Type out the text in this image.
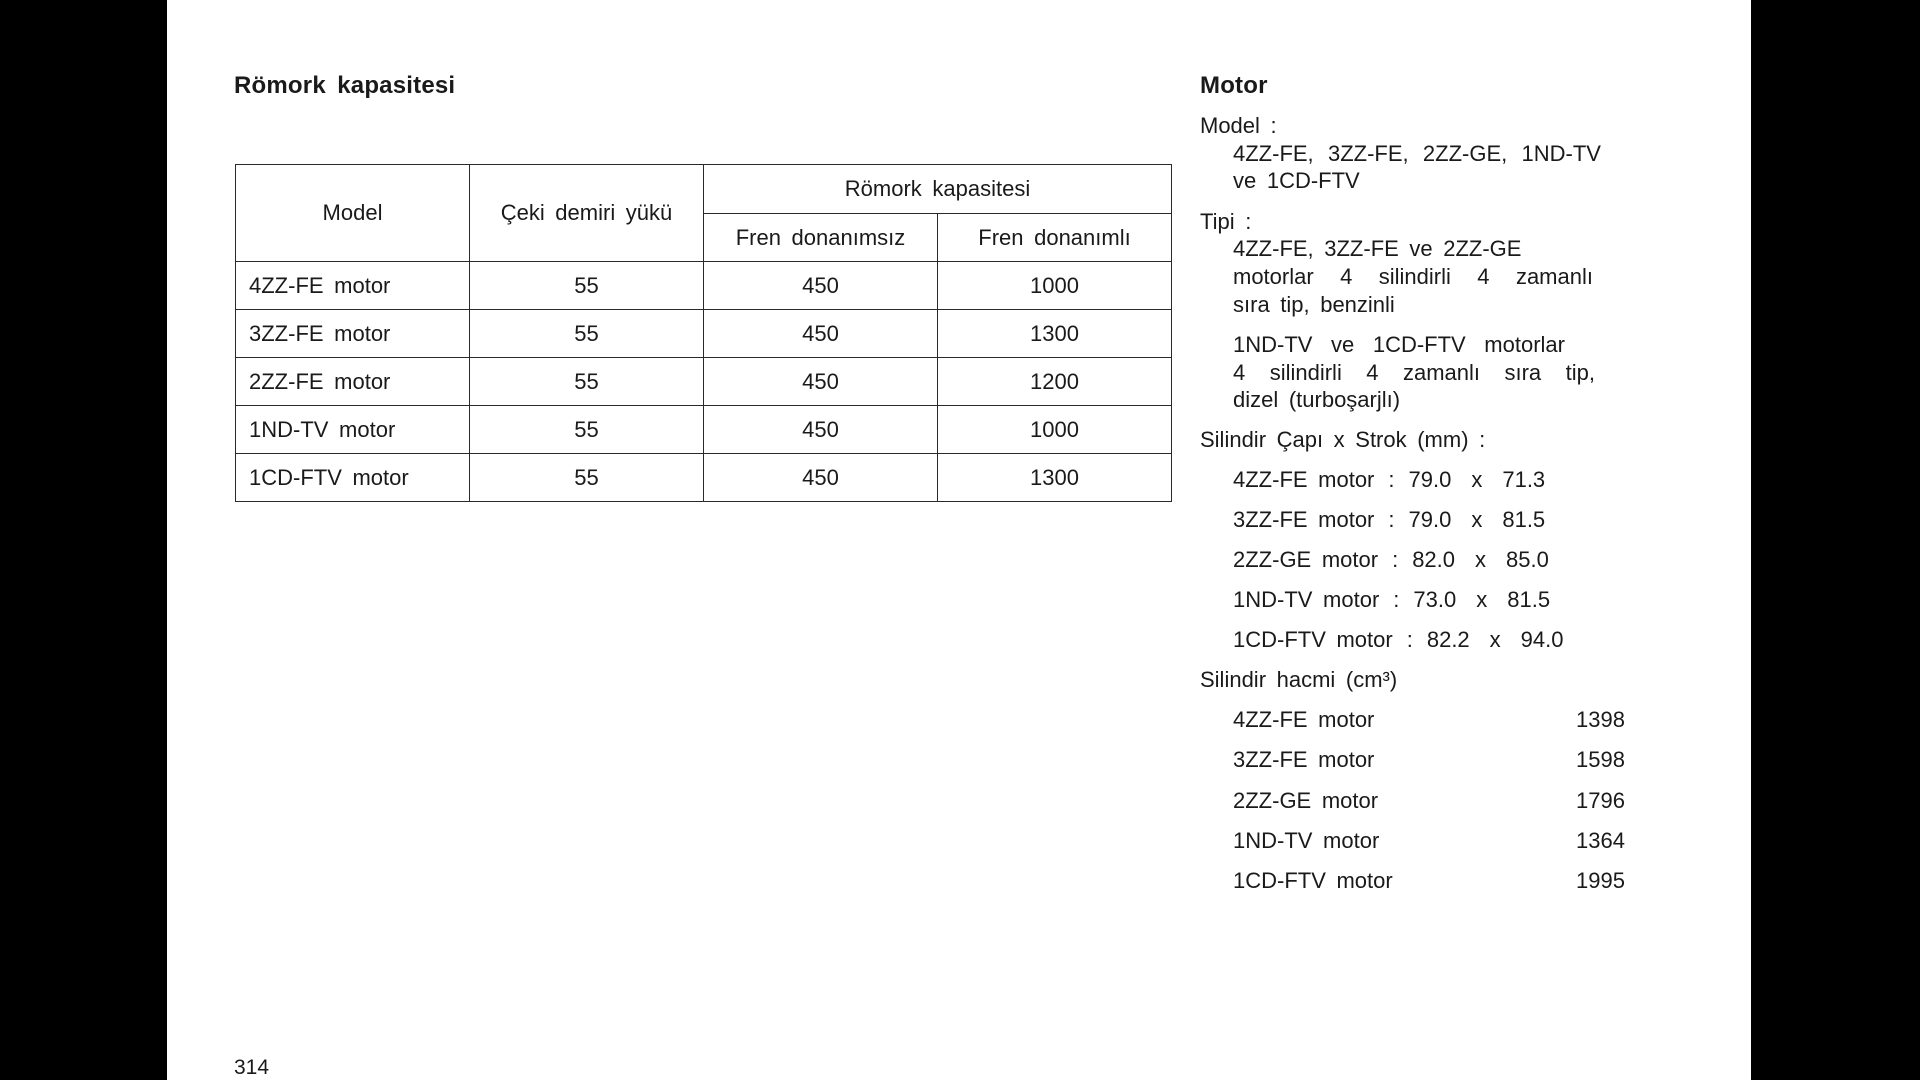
Römork kapasitesi
Model	Çeki demiri yükü	Römork kapasitesi	
		Fren donanımsız	Fren donanımlı
4ZZ-FE motor	55	450	1000
3ZZ-FE motor	55	450	1300
2ZZ-FE motor	55	450	1200
1ND-TV motor	55	450	1000
1CD-FTV motor	55	450	1300
Motor
Model :
4ZZ-FE, 3ZZ-FE, 2ZZ-GE, 1ND-TV
ve 1CD-FTV
Tipi :
4ZZ-FE, 3ZZ-FE ve 2ZZ-GE
motorlar 4 silindirli 4 zamanlı
sıra tip, benzinli
1ND-TV ve 1CD-FTV motorlar
4 silindirli 4 zamanlı sıra tip,
dizel (turboşarjlı)
Silindir Çapı x Strok (mm) :
4ZZ-FE motor : 79.0 x 71.3
3ZZ-FE motor : 79.0 x 81.5
2ZZ-GE motor : 82.0 x 85.0
1ND-TV motor : 73.0 x 81.5
1CD-FTV motor : 82.2 x 94.0
Silindir hacmi (cm³)
4ZZ-FE motor	1398
3ZZ-FE motor	1598
2ZZ-GE motor	1796
1ND-TV motor	1364
1CD-FTV motor	1995
314
